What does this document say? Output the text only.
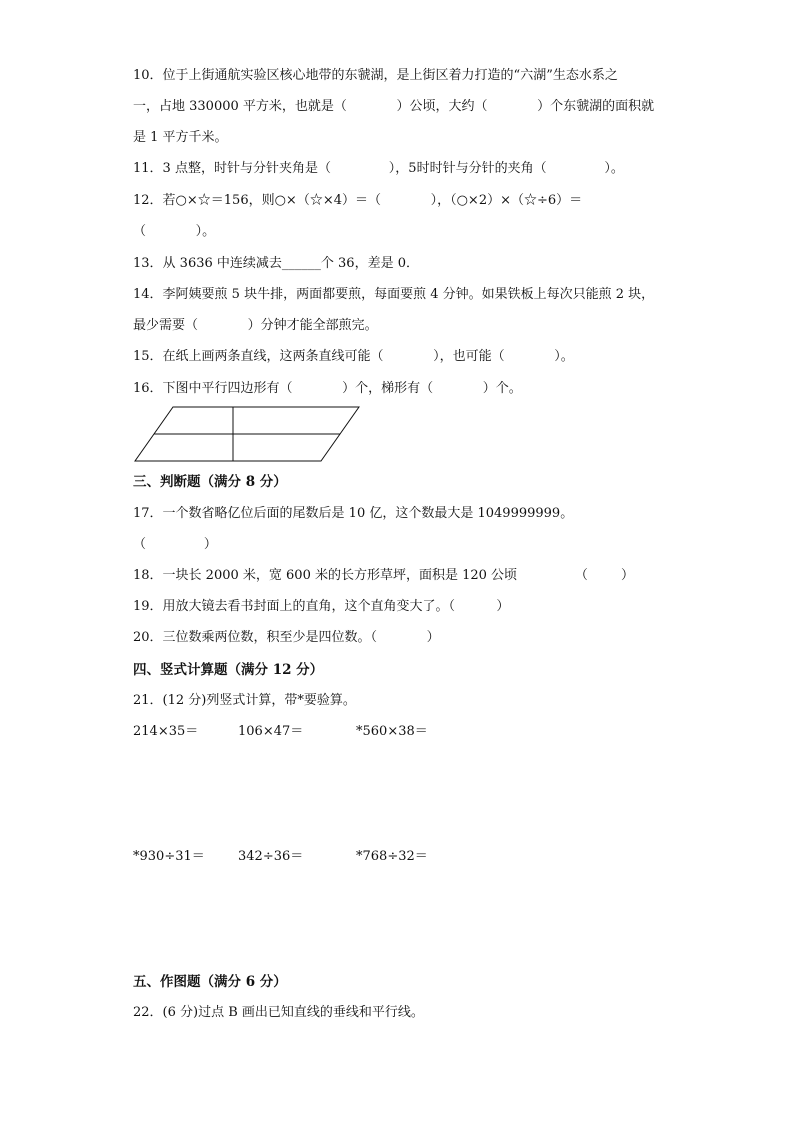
10．位于上街通航实验区核心地带的东虢湖，是上街区着力打造的“六湖”生态水系之
一，占地 330000 平方米，也就是（            ）公顷，大约（            ）个东虢湖的面积就
是 1 平方千米。
11．3 点整，时针与分针夹角是（              ），5时时针与分针的夹角（              ）。
12．若○×☆＝156，则○×（☆×4）＝（            ），（○×2）×（☆÷6）＝
（            ）。
13．从 3636 中连续减去______个 36，差是 0．
14．李阿姨要煎 5 块牛排，两面都要煎，每面要煎 4 分钟。如果铁板上每次只能煎 2 块，
最少需要（            ）分钟才能全部煎完。
15．在纸上画两条直线，这两条直线可能（            ），也可能（            ）。
16．下图中平行四边形有（            ）个，梯形有（            ）个。
三、判断题（满分 8 分）
17．一个数省略亿位后面的尾数后是 10 亿，这个数最大是 1049999999。
（              ）
18．一块长 2000 米，宽 600 米的长方形草坪，面积是 120 公顷              （        ）
19．用放大镜去看书封面上的直角，这个直角变大了。（          ）
20．三位数乘两位数，积至少是四位数。（            ）
四、竖式计算题（满分 12 分）
21．(12 分)列竖式计算，带*要验算。
214×35＝	106×47＝	*560×38＝
*930÷31＝	342÷36＝	*768÷32＝
五、作图题（满分 6 分）
22．(6 分)过点 B 画出已知直线的垂线和平行线。
